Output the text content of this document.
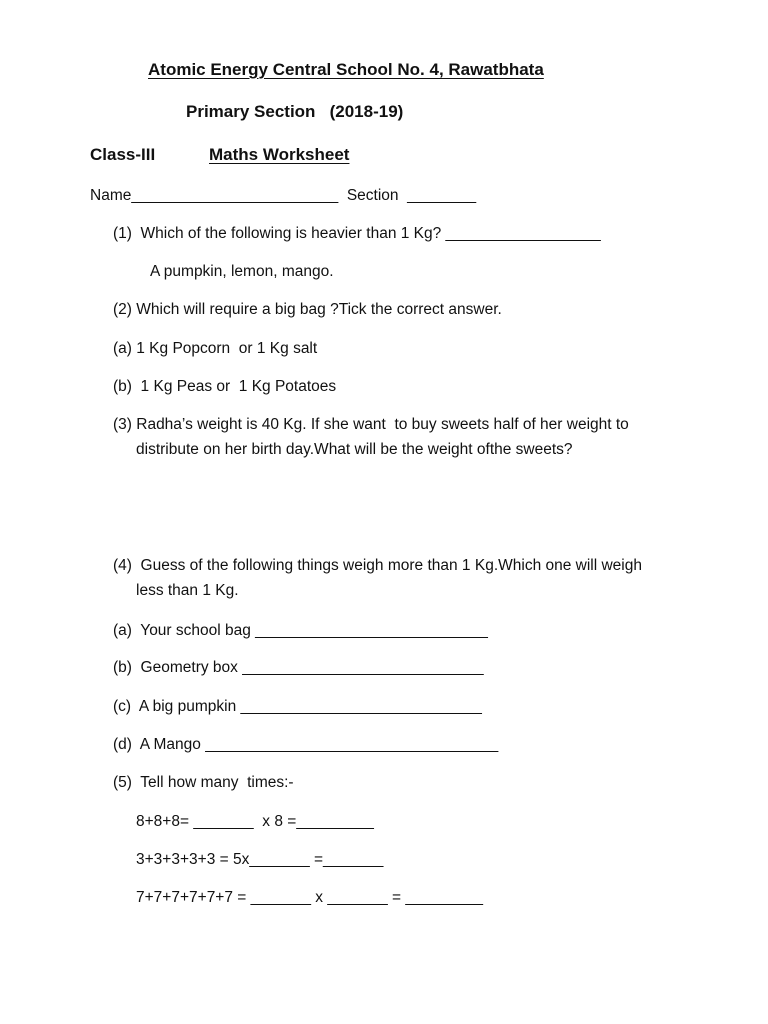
Atomic Energy Central School No. 4, Rawatbhata
Primary Section   (2018-19)
Class-III	Maths Worksheet
Name________________________  Section  ________
(1)  Which of the following is heavier than 1 Kg? __________________
A pumpkin, lemon, mango.
(2) Which will require a big bag ?Tick the correct answer.
(a) 1 Kg Popcorn  or 1 Kg salt
(b)  1 Kg Peas or  1 Kg Potatoes
(3) Radha’s weight is 40 Kg. If she want  to buy sweets half of her weight to
distribute on her birth day.What will be the weight ofthe sweets?
(4)  Guess of the following things weigh more than 1 Kg.Which one will weigh
less than 1 Kg.
(a)  Your school bag ___________________________
(b)  Geometry box ____________________________
(c)  A big pumpkin ____________________________
(d)  A Mango __________________________________
(5)  Tell how many  times:-
8+8+8= _______  x 8 =_________
3+3+3+3+3 = 5x_______ =_______
7+7+7+7+7+7 = _______ x _______ = _________
